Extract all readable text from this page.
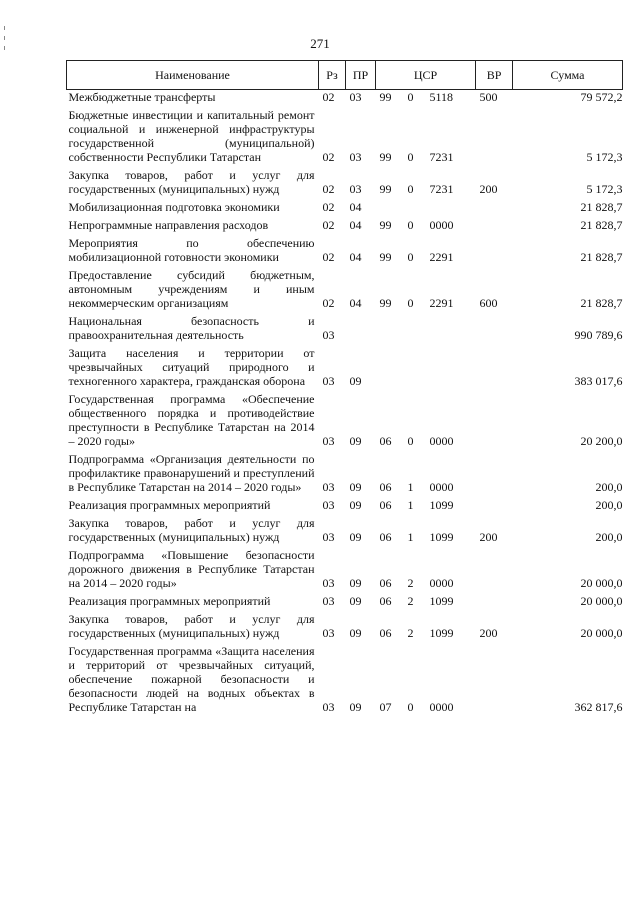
271
Наименование	Рз	ПР	ЦСР			ВР	Сумма
Межбюджетные трансферты	02	03	99	0	5118	500	79 572,2
Бюджетные инвестиции и капитальный ремонт социальной и инженерной инфраструктуры государственной (муниципальной) собственности Республики Татарстан	02	03	99	0	7231		5 172,3
Закупка товаров, работ и услуг для государственных (муниципальных) нужд	02	03	99	0	7231	200	5 172,3
Мобилизационная подготовка экономики	02	04					21 828,7
Непрограммные направления расходов	02	04	99	0	0000		21 828,7
Мероприятия по обеспечению мобилизационной готовности экономики	02	04	99	0	2291		21 828,7
Предоставление субсидий бюджетным, автономным учреждениям и иным некоммерческим организациям	02	04	99	0	2291	600	21 828,7
Национальная безопасность и правоохранительная деятельность	03						990 789,6
Защита населения и территории от чрезвычайных ситуаций природного и техногенного характера, гражданская оборона	03	09					383 017,6
Государственная программа «Обеспечение общественного порядка и противодействие преступности в Республике Татарстан на 2014 – 2020 годы»	03	09	06	0	0000		20 200,0
Подпрограмма «Организация деятельности по профилактике правонарушений и преступлений в Республике Татарстан на 2014 – 2020 годы»	03	09	06	1	0000		200,0
Реализация программных мероприятий	03	09	06	1	1099		200,0
Закупка товаров, работ и услуг для государственных (муниципальных) нужд	03	09	06	1	1099	200	200,0
Подпрограмма «Повышение безопасности дорожного движения в Республике Татарстан на 2014 – 2020 годы»	03	09	06	2	0000		20 000,0
Реализация программных мероприятий	03	09	06	2	1099		20 000,0
Закупка товаров, работ и услуг для государственных (муниципальных) нужд	03	09	06	2	1099	200	20 000,0
Государственная программа «Защита населения и территорий от чрезвычайных ситуаций, обеспечение пожарной безопасности и безопасности людей на водных объектах в Республике Татарстан на	03	09	07	0	0000		362 817,6
